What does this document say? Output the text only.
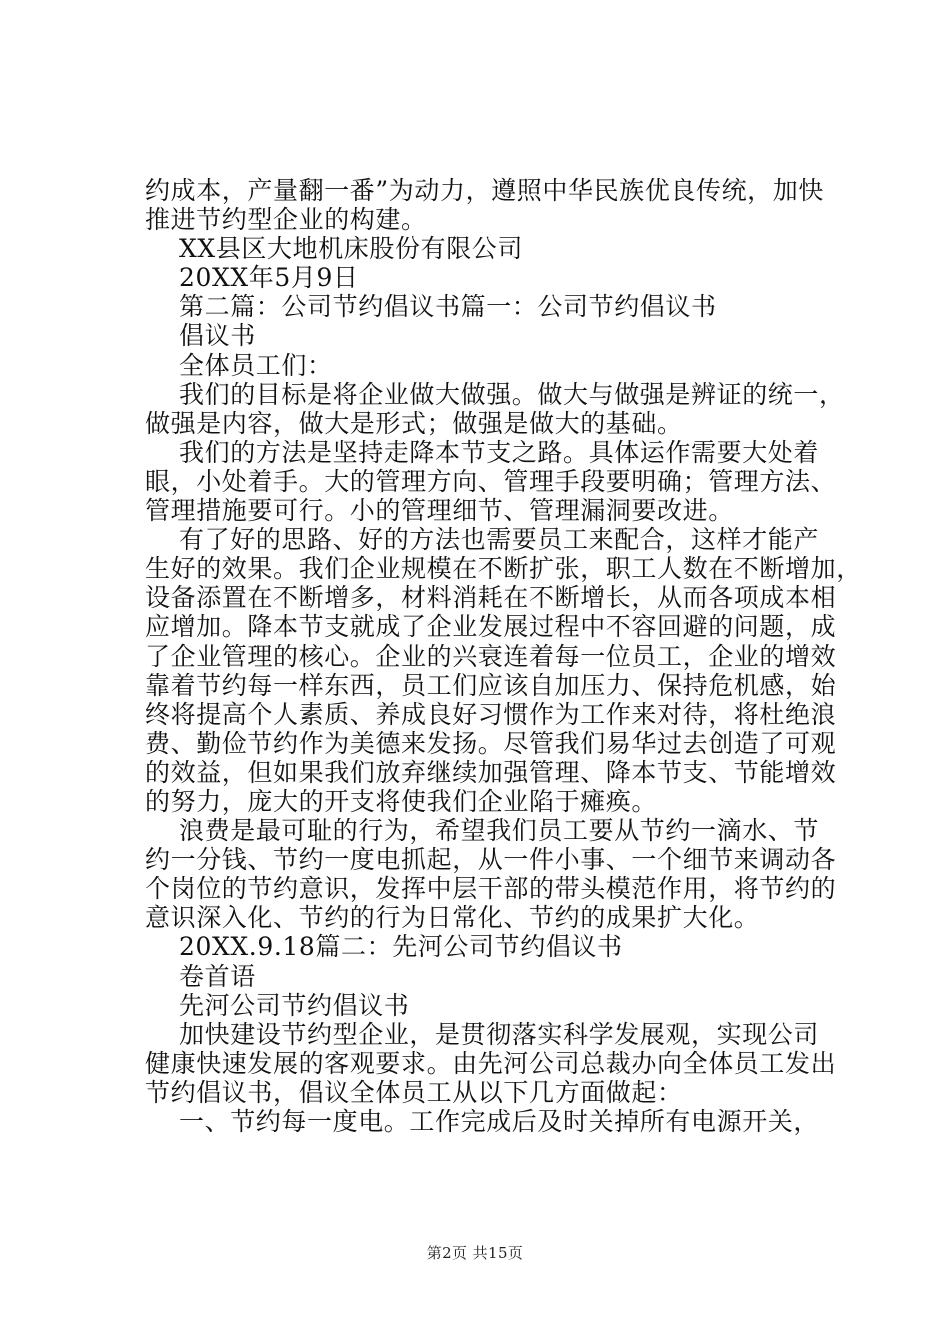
约成本，产量翻一番”为动力，遵照中华民族优良传统，加快
推进节约型企业的构建。
XX县区大地机床股份有限公司
20XX年5月9日
第二篇：公司节约倡议书篇一：公司节约倡议书
倡议书
全体员工们：
我们的目标是将企业做大做强。做大与做强是辨证的统一，
做强是内容，做大是形式；做强是做大的基础。
我们的方法是坚持走降本节支之路。具体运作需要大处着
眼，小处着手。大的管理方向、管理手段要明确；管理方法、
管理措施要可行。小的管理细节、管理漏洞要改进。
有了好的思路、好的方法也需要员工来配合，这样才能产
生好的效果。我们企业规模在不断扩张，职工人数在不断增加，
设备添置在不断增多，材料消耗在不断增长，从而各项成本相
应增加。降本节支就成了企业发展过程中不容回避的问题，成
了企业管理的核心。企业的兴衰连着每一位员工，企业的增效
靠着节约每一样东西，员工们应该自加压力、保持危机感，始
终将提高个人素质、养成良好习惯作为工作来对待，将杜绝浪
费、勤俭节约作为美德来发扬。尽管我们易华过去创造了可观
的效益，但如果我们放弃继续加强管理、降本节支、节能增效
的努力，庞大的开支将使我们企业陷于瘫痪。
浪费是最可耻的行为，希望我们员工要从节约一滴水、节
约一分钱、节约一度电抓起，从一件小事、一个细节来调动各
个岗位的节约意识，发挥中层干部的带头模范作用，将节约的
意识深入化、节约的行为日常化、节约的成果扩大化。
20XX.9.18篇二：先河公司节约倡议书
卷首语
先河公司节约倡议书
加快建设节约型企业，是贯彻落实科学发展观，实现公司
健康快速发展的客观要求。由先河公司总裁办向全体员工发出
节约倡议书，倡议全体员工从以下几方面做起：
一、节约每一度电。工作完成后及时关掉所有电源开关，
第2页 共15页
